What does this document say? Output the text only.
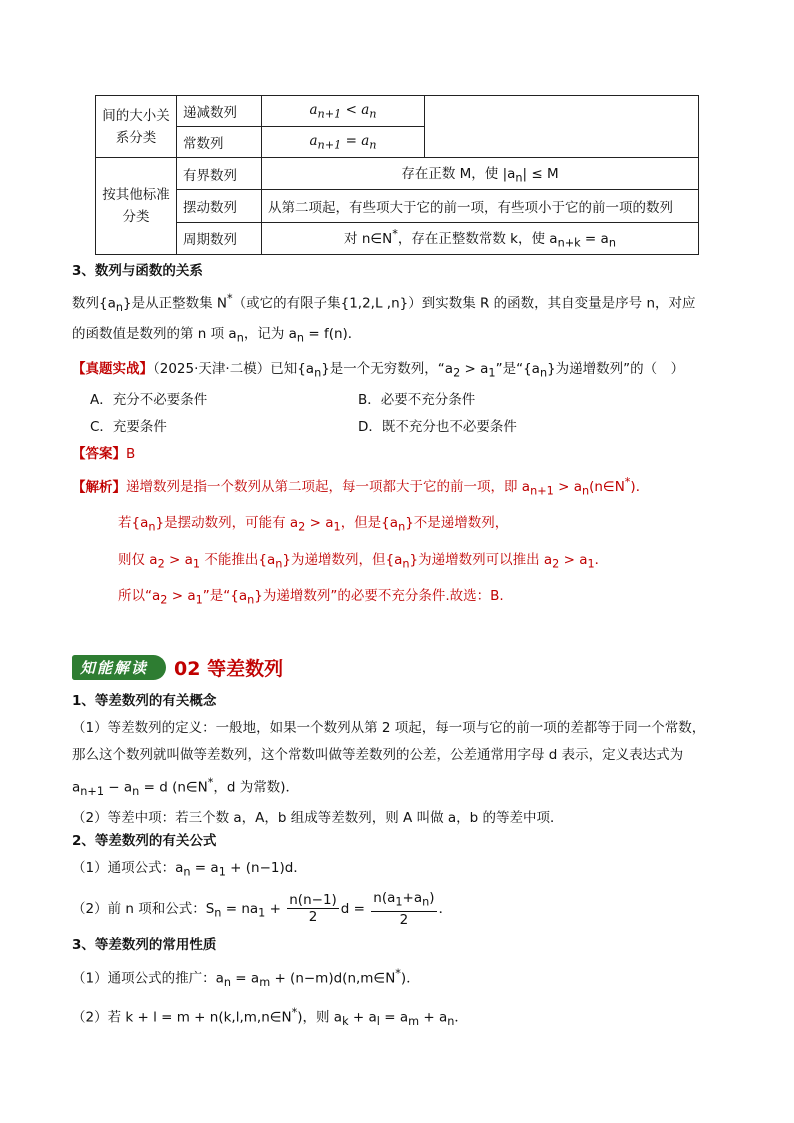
间的大小关系分类	递减数列	$a_{n+1} < a_n$	
	常数列	$a_{n+1} = a_n$
按其他标准分类	有界数列	存在正数 M，使 $|a_n| \le M$	
	摆动数列	从第二项起，有些项大于它的前一项，有些项小于它的前一项的数列	
	周期数列	对 n∈N*，存在正整数常数 k，使 $a_{n+k} = a_n$
3、数列与函数的关系
数列$\{a_n\}$是从正整数集 N*（或它的有限子集{1,2,L ,n}）到实数集 R 的函数，其自变量是序号 n，对应
的函数值是数列的第 n 项 $a_n$，记为 $a_n = f(n)$．
【真题实战】（2025·天津·二模）已知$\{a_n\}$是一个无穷数列，“$a_2 > a_1$”是“$\{a_n\}$为递增数列”的（　）
A．充分不必要条件	B．必要不充分条件
C．充要条件	D．既不充分也不必要条件
【答案】B
【解析】递增数列是指一个数列从第二项起，每一项都大于它的前一项，即 $a_{n+1}$ > $a_n(n\in N^*)$．
若$\{a_n\}$是摆动数列，可能有 $a_2 > a_1$，但是$\{a_n\}$不是递增数列，
则仅 $a_2 > a_1$ 不能推出$\{a_n\}$为递增数列，但$\{a_n\}$为递增数列可以推出 $a_2 > a_1$．
所以“$a_2 > a_1$”是“$\{a_n\}$为递增数列”的必要不充分条件.故选：B.
知能解读	02 等差数列
1、等差数列的有关概念
（1）等差数列的定义：一般地，如果一个数列从第 2 项起，每一项与它的前一项的差都等于同一个常数，
那么这个数列就叫做等差数列，这个常数叫做等差数列的公差，公差通常用字母 d 表示，定义表达式为
$a_{n+1} - a_n = d$ (n∈N*，d 为常数)．
（2）等差中项：若三个数 a，A，b 组成等差数列，则 A 叫做 a，b 的等差中项．
2、等差数列的有关公式
（1）通项公式：$a_n = a_1 + (n-1)d$．
（2）前 n 项和公式：$S_n = na_1 + \frac{n(n-1)}{2}$ $d = \frac{n(a_1+a_n)}{2}$ ．
3、等差数列的常用性质
（1）通项公式的推广：$a_n = a_m$ + (n−m)d(n,m∈N*)．
（2）若 k + l = m + n(k,l,m,n∈N*)，则 $a_k + a_l = a_m + a_n$．
